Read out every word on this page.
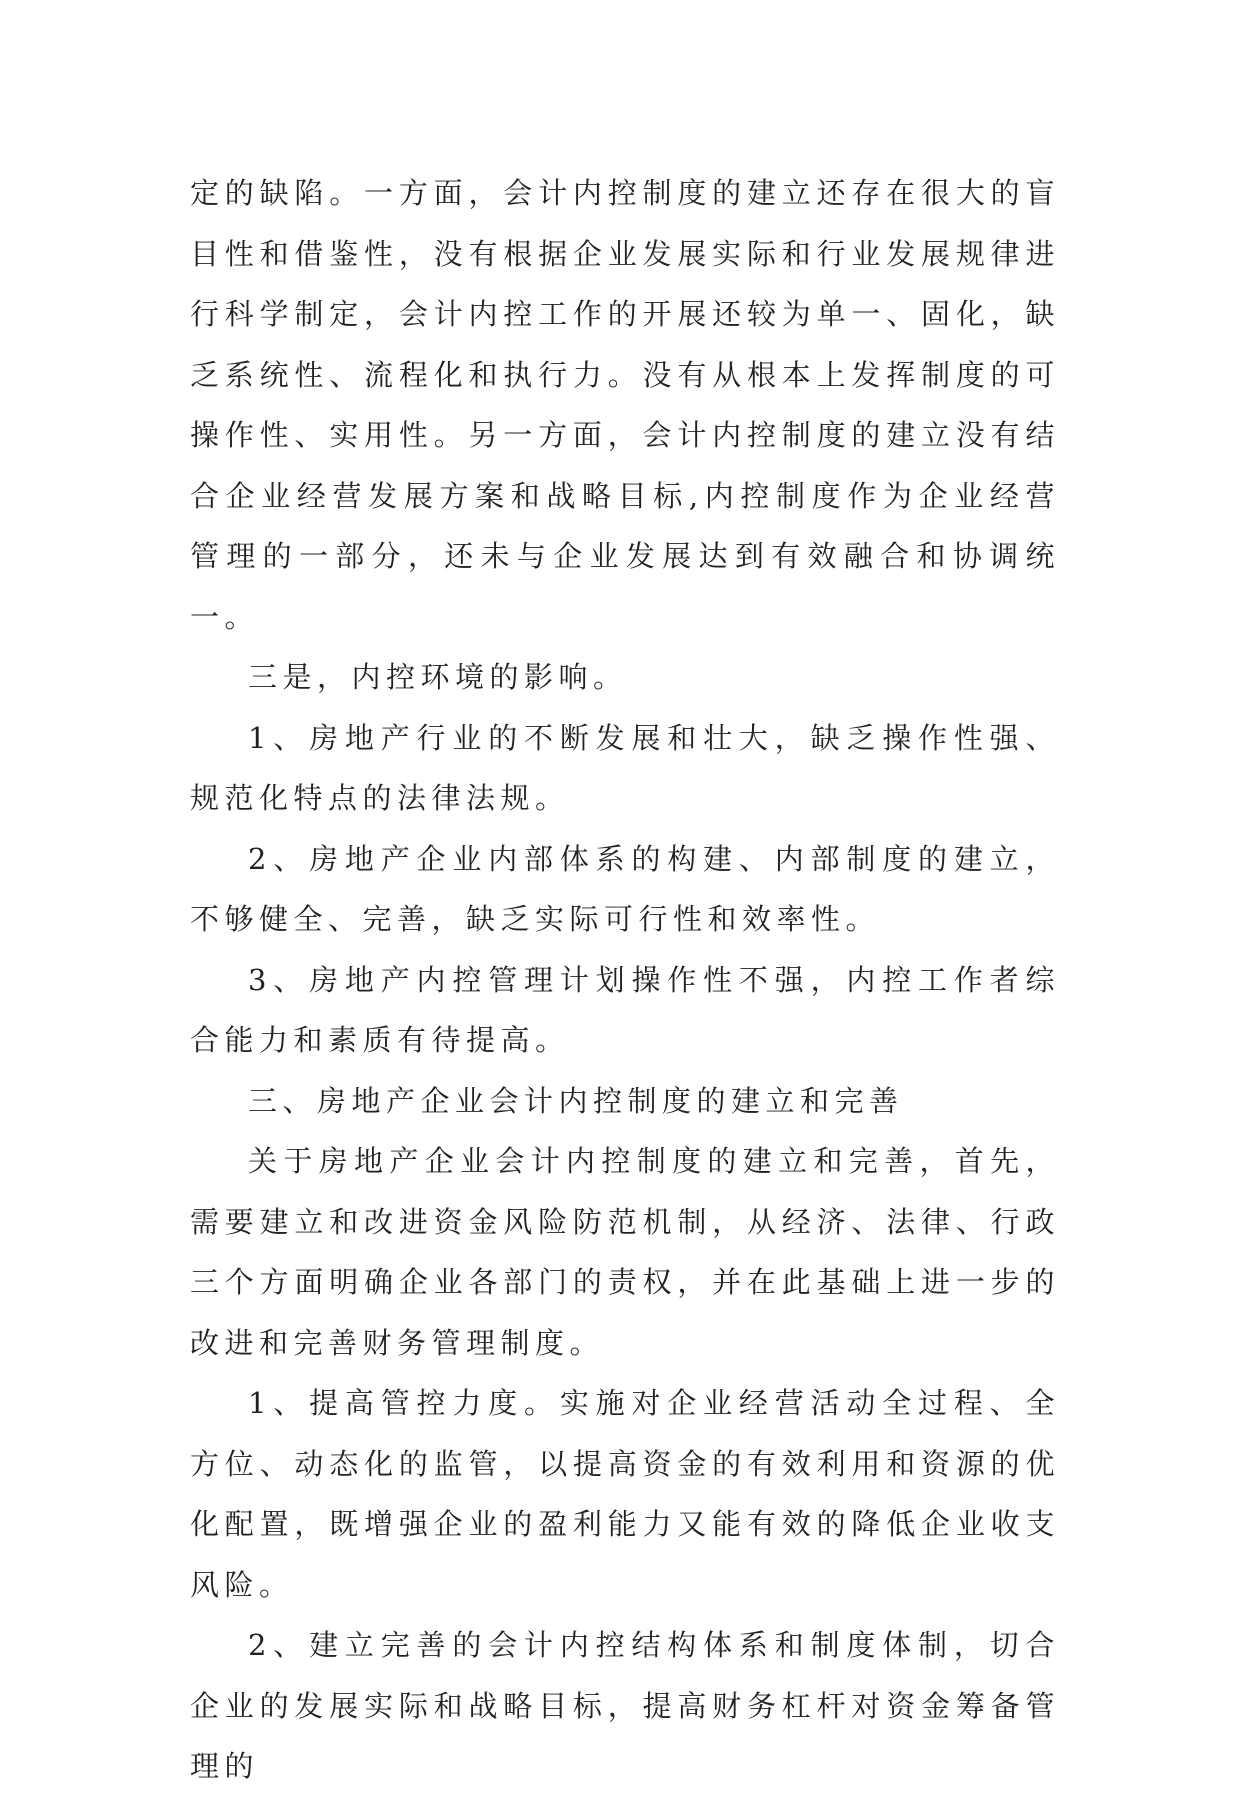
定的缺陷。一方面，会计内控制度的建立还存在很大的盲目性和借鉴性，没有根据企业发展实际和行业发展规律进行科学制定，会计内控工作的开展还较为单一、固化，缺乏系统性、流程化和执行力。没有从根本上发挥制度的可操作性、实用性。另一方面，会计内控制度的建立没有结合企业经营发展方案和战略目标,内控制度作为企业经营管理的一部分，还未与企业发展达到有效融合和协调统一。

三是，内控环境的影响。

1、房地产行业的不断发展和壮大，缺乏操作性强、规范化特点的法律法规。

2、房地产企业内部体系的构建、内部制度的建立，不够健全、完善，缺乏实际可行性和效率性。

3、房地产内控管理计划操作性不强，内控工作者综合能力和素质有待提高。

三、房地产企业会计内控制度的建立和完善

关于房地产企业会计内控制度的建立和完善，首先，需要建立和改进资金风险防范机制，从经济、法律、行政三个方面明确企业各部门的责权，并在此基础上进一步的改进和完善财务管理制度。

1、提高管控力度。实施对企业经营活动全过程、全方位、动态化的监管，以提高资金的有效利用和资源的优化配置，既增强企业的盈利能力又能有效的降低企业收支风险。

2、建立完善的会计内控结构体系和制度体制，切合企业的发展实际和战略目标，提高财务杠杆对资金筹备管理的
